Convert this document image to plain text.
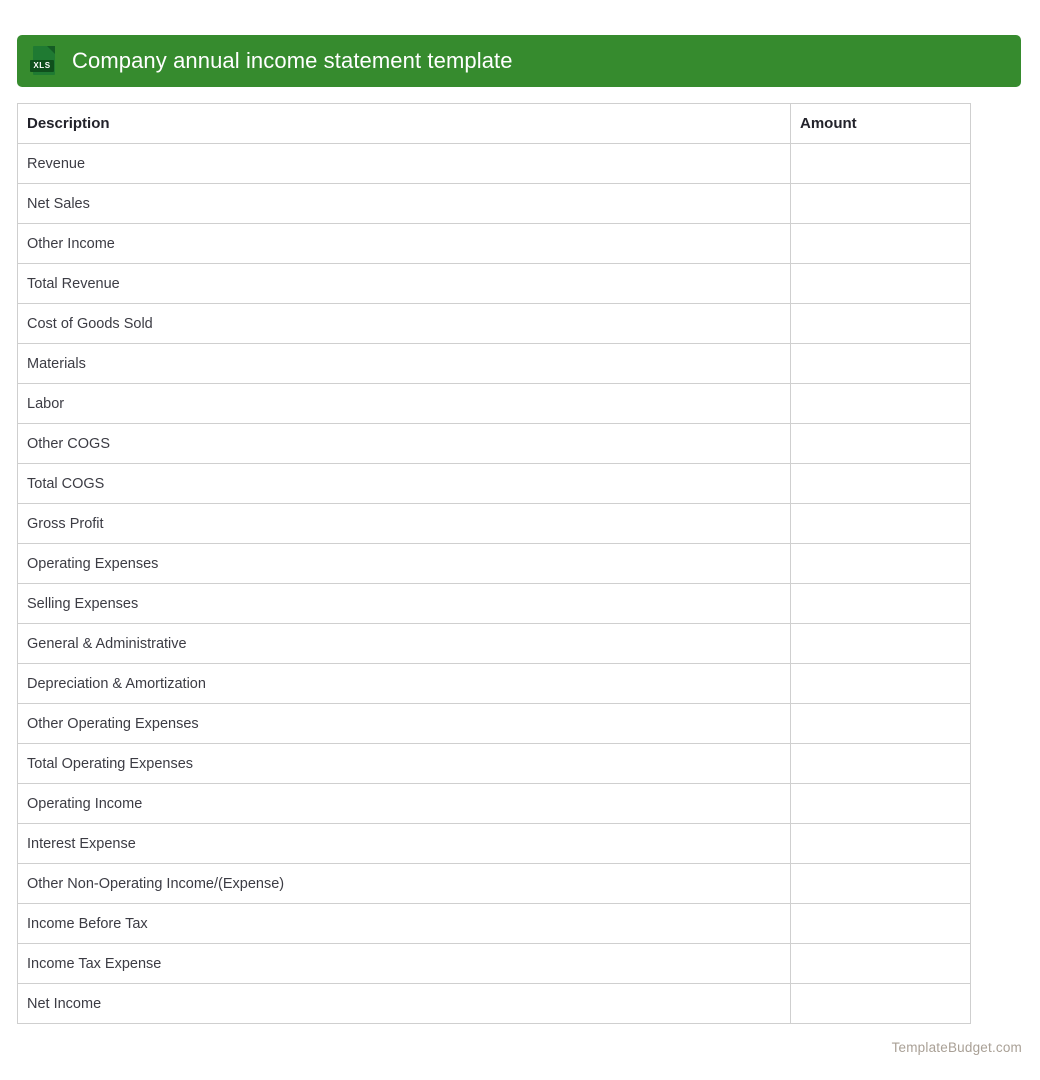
XLS Company annual income statement template
Description	Amount
Revenue	
Net Sales	
Other Income	
Total Revenue	
Cost of Goods Sold	
Materials	
Labor	
Other COGS	
Total COGS	
Gross Profit	
Operating Expenses	
Selling Expenses	
General & Administrative	
Depreciation & Amortization	
Other Operating Expenses	
Total Operating Expenses	
Operating Income	
Interest Expense	
Other Non-Operating Income/(Expense)	
Income Before Tax	
Income Tax Expense	
Net Income	
TemplateBudget.com
